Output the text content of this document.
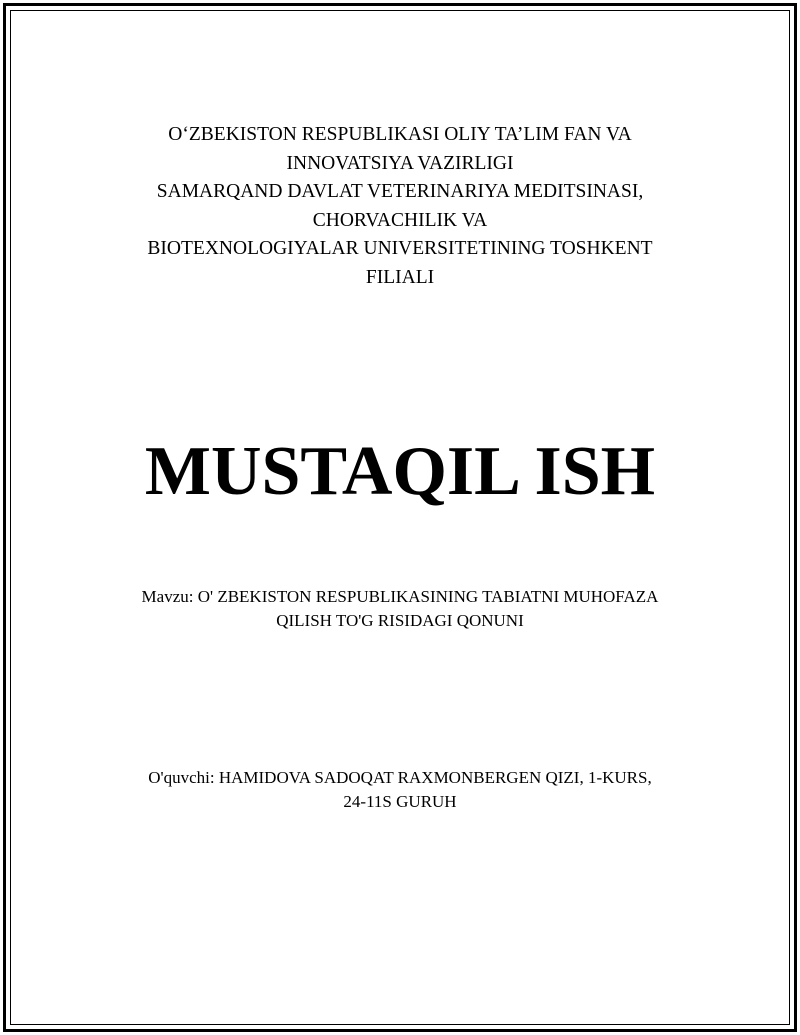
O‘ZBEKISTON RESPUBLIKASI OLIY TA’LIM FAN VA
INNOVATSIYA VAZIRLIGI
SAMARQAND DAVLAT VETERINARIYA MEDITSINASI,
CHORVACHILIK VA
BIOTEXNOLOGIYALAR UNIVERSITETINING TOSHKENT
FILIALI
MUSTAQIL ISH
Mavzu: O' ZBEKISTON RESPUBLIKASINING TABIATNI MUHOFAZA
QILISH TO'G RISIDAGI QONUNI
O'quvchi: HAMIDOVA SADOQAT RAXMONBERGEN QIZI, 1-KURS,
24-11S GURUH
